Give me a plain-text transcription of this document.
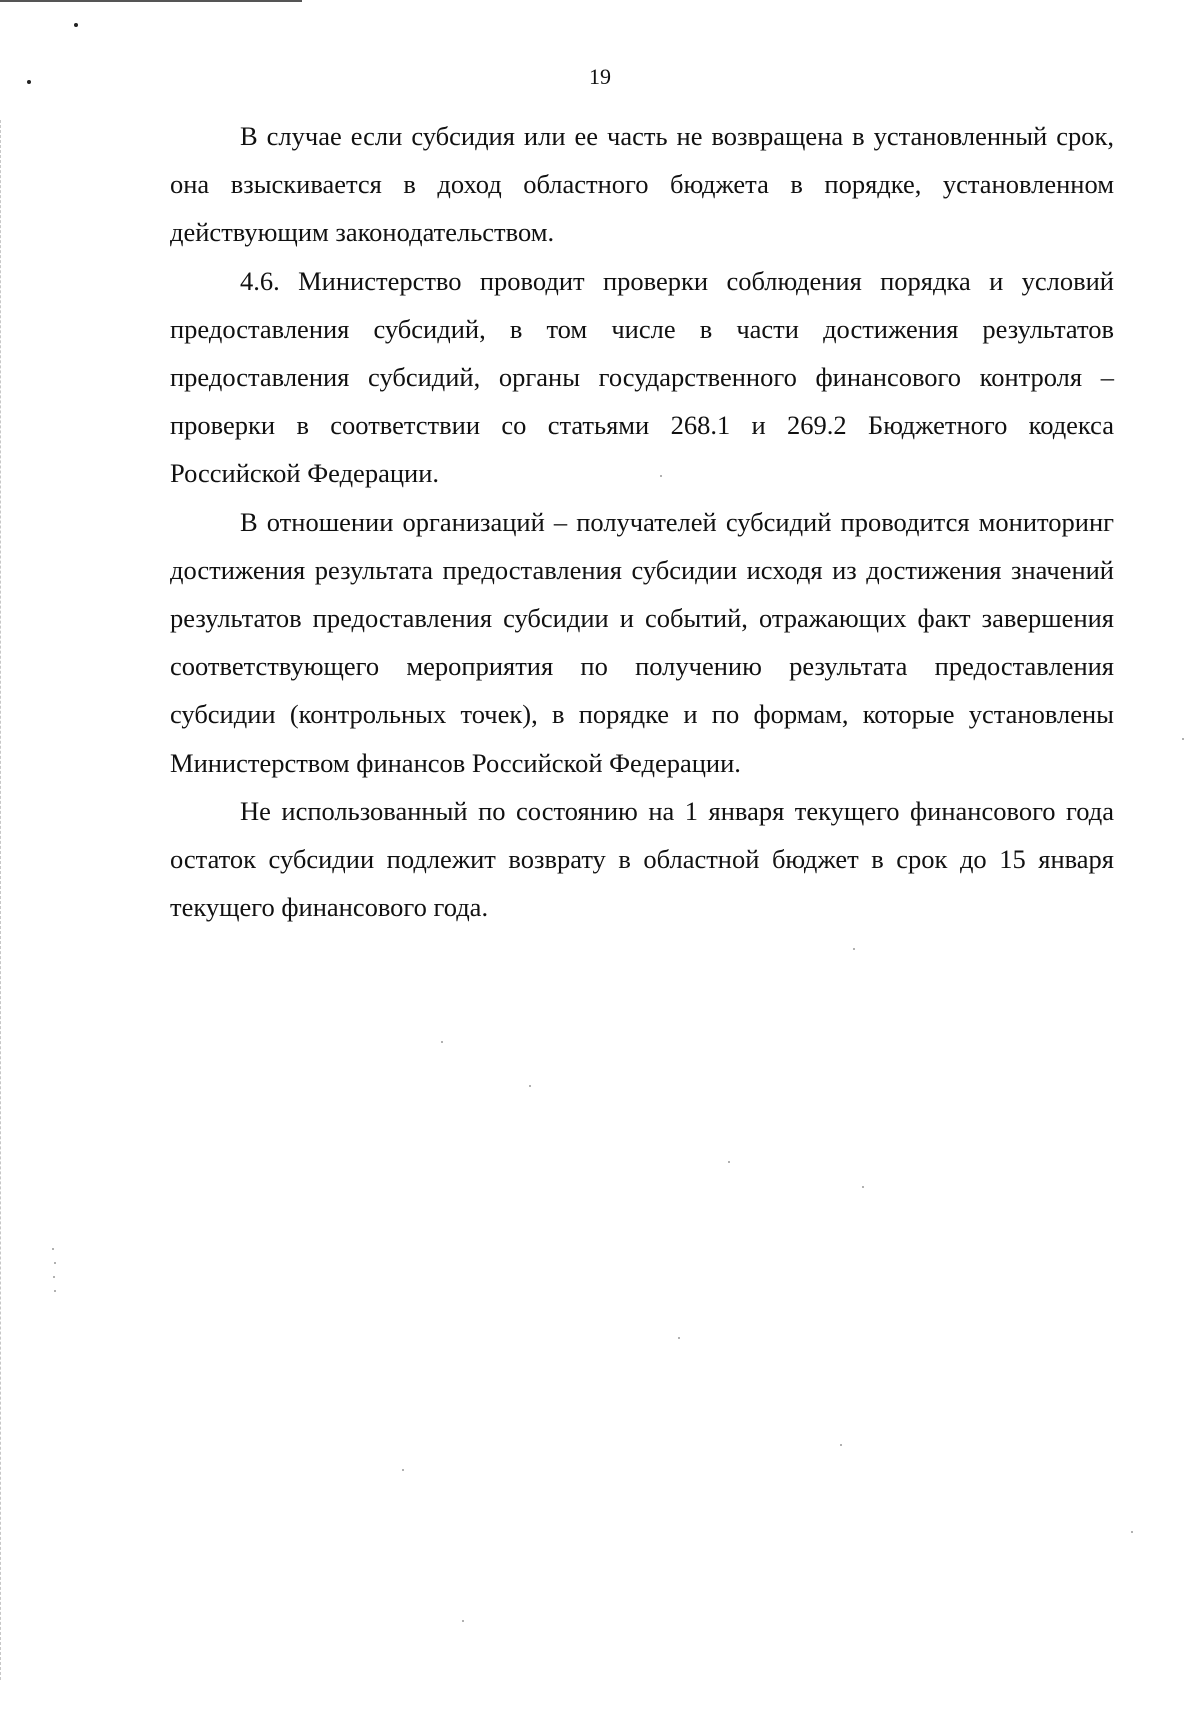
19

В случае если субсидия или ее часть не возвращена в установленный срок, она взыскивается в доход областного бюджета в порядке, установленном действующим законодательством.

4.6. Министерство проводит проверки соблюдения порядка и условий предоставления субсидий, в том числе в части достижения результатов предоставления субсидий, органы государственного финансового контроля – проверки в соответствии со статьями 268.1 и 269.2 Бюджетного кодекса Российской Федерации.

В отношении организаций – получателей субсидий проводится мониторинг достижения результата предоставления субсидии исходя из достижения значений результатов предоставления субсидии и событий, отражающих факт завершения соответствующего мероприятия по получению результата предоставления субсидии (контрольных точек), в порядке и по формам, которые установлены Министерством финансов Российской Федерации.

Не использованный по состоянию на 1 января текущего финансового года остаток субсидии подлежит возврату в областной бюджет в срок до 15 января текущего финансового года.
